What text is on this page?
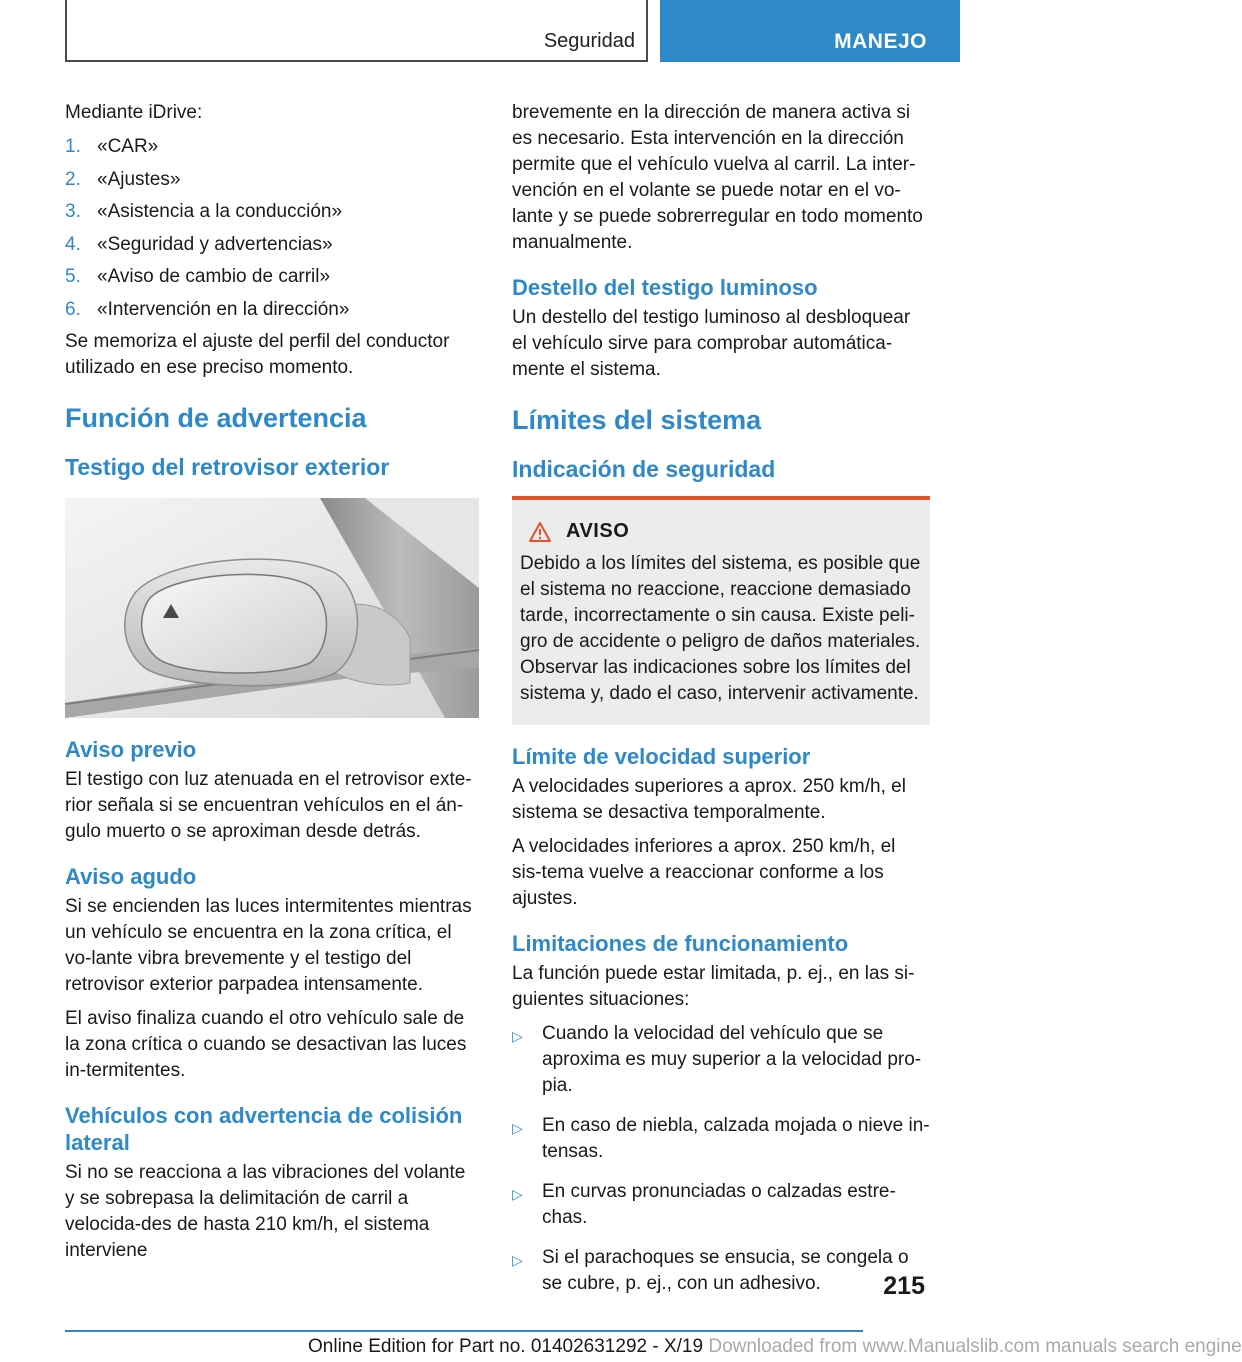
Seguridad	MANEJO

Mediante iDrive:

1. «CAR»
2. «Ajustes»
3. «Asistencia a la conducción»
4. «Seguridad y advertencias»
5. «Aviso de cambio de carril»
6. «Intervención en la dirección»

Se memoriza el ajuste del perfil del conductor utilizado en ese preciso momento.

Función de advertencia
Testigo del retrovisor exterior
Aviso previo

El testigo con luz atenuada en el retrovisor exte-rior señala si se encuentran vehículos en el án-gulo muerto o se aproximan desde detrás.

Aviso agudo

Si se encienden las luces intermitentes mientras un vehículo se encuentra en la zona crítica, el vo-lante vibra brevemente y el testigo del retrovisor exterior parpadea intensamente.

El aviso finaliza cuando el otro vehículo sale de la zona crítica o cuando se desactivan las luces in-termitentes.

Vehículos con advertencia de colisión lateral

Si no se reacciona a las vibraciones del volante y se sobrepasa la delimitación de carril a velocida-des de hasta 210 km/h, el sistema interviene

brevemente en la dirección de manera activa si es necesario. Esta intervención en la dirección permite que el vehículo vuelva al carril. La inter-vención en el volante se puede notar en el vo-lante y se puede sobrerregular en todo momento manualmente.

Destello del testigo luminoso

Un destello del testigo luminoso al desbloquear el vehículo sirve para comprobar automática-mente el sistema.

Límites del sistema
Indicación de seguridad
AVISO

Debido a los límites del sistema, es posible que el sistema no reaccione, reaccione demasiado tarde, incorrectamente o sin causa. Existe peli-gro de accidente o peligro de daños materiales. Observar las indicaciones sobre los límites del sistema y, dado el caso, intervenir activamente.

Límite de velocidad superior

A velocidades superiores a aprox. 250 km/h, el sistema se desactiva temporalmente.

A velocidades inferiores a aprox. 250 km/h, el sis-tema vuelve a reaccionar conforme a los ajustes.

Limitaciones de funcionamiento

La función puede estar limitada, p. ej., en las si-guientes situaciones:

▷	Cuando la velocidad del vehículo que se aproxima es muy superior a la velocidad pro-pia.
▷	En caso de niebla, calzada mojada o nieve in-tensas.
▷	En curvas pronunciadas o calzadas estre-chas.
▷	Si el parachoques se ensucia, se congela o se cubre, p. ej., con un adhesivo.	215
Online Edition for Part no. 01402631292 - X/19 Downloaded from www.Manualslib.com manuals search engine
